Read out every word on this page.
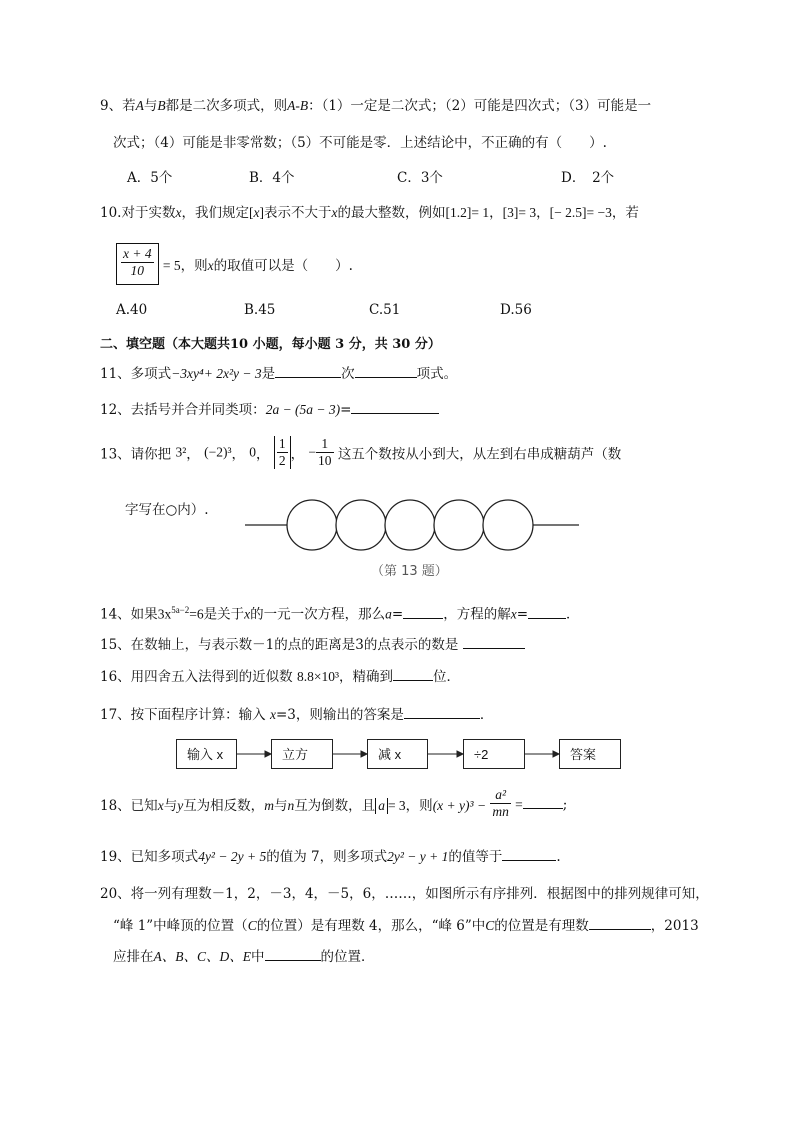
9、若A与B都是二次多项式，则A-B：（1）一定是二次式；（2）可能是四次式；（3）可能是一
次式；（4）可能是非零常数；（5）不可能是零．上述结论中，不正确的有（　　）.
A．5个	B．4个	C．3个	D．　2个
10.对于实数x，我们规定[x]表示不大于x的最大整数，例如[1.2]= 1，[3]= 3，[− 2.5]= −3，若
$\frac{x + 4}{10} = 5$，则x的取值可以是（　　）.
A.40	B.45	C.51	D.56
二、填空题（本大题共10 小题，每小题 3 分，共 30 分）
11、多项式−3xy⁴+ 2x²y − 3是	次	项式。
12、去括号并合并同类项：2a − (5a − 3)=
13、请你把 3²， (−2)³， 0， $\frac{1}{2}$ ， − $\frac{1}{10}$ 这五个数按从小到大，从左到右串成糖葫芦（数
字写在○内）.
（第 13 题）
14、如果$3x^{5a-2}=6$是关于x的一元一次方程，那么a=	，方程的解x=	．
15、在数轴上，与表示数－1的点的距离是3的点表示的数是
16、用四舍五入法得到的近似数 8.8×10³，精确到	位．
17、按下面程序计算：输入 x=3，则输出的答案是	．
输入 x	立方	减 x	÷2	答案
18、已知x与y互为相反数，m与n互为倒数，且 a = 3，则$(x + y)^3 - \frac{\text{a²}}{mn}$ =	;
19、已知多项式4y² − 2y + 5的值为 7，则多项式2y² − y + 1的值等于	.
20、将一列有理数－1，2，－3，4，－5，6，……，如图所示有序排列．根据图中的排列规律可知，
“峰 1”中峰顶的位置（C的位置）是有理数 4，那么，“峰 6”中C的位置是有理数	，2013
应排在A、B、C、D、E中	的位置．
